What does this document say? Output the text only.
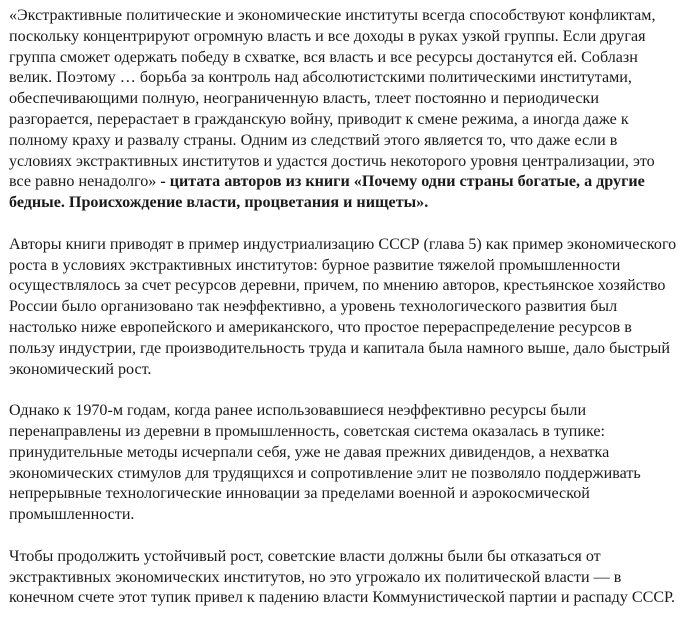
«Экстрактивные политические и экономические институты всегда способствуют конфликтам, поскольку концентрируют огромную власть и все доходы в руках узкой группы. Если другая группа сможет одержать победу в схватке, вся власть и все ресурсы достанутся ей. Соблазн велик. Поэтому … борьба за контроль над абсолютистскими политическими институтами, обеспечивающими полную, неограниченную власть, тлеет постоянно и периодически разгорается, перерастает в гражданскую войну, приводит к смене режима, а иногда даже к полному краху и развалу страны. Одним из следствий этого является то, что даже если в условиях экстрактивных институтов и удастся достичь некоторого уровня централизации, это все равно ненадолго» - цитата авторов из книги «Почему одни страны богатые, а другие бедные. Происхождение власти, процветания и нищеты».

Авторы книги приводят в пример индустриализацию СССР (глава 5) как пример экономического роста в условиях экстрактивных институтов: бурное развитие тяжелой промышленности осуществлялось за счет ресурсов деревни, причем, по мнению авторов, крестьянское хозяйство России было организовано так неэффективно, а уровень технологического развития был настолько ниже европейского и американского, что простое перераспределение ресурсов в пользу индустрии, где производительность труда и капитала была намного выше, дало быстрый экономический рост.

Однако к 1970-м годам, когда ранее использовавшиеся неэффективно ресурсы были перенаправлены из деревни в промышленность, советская система оказалась в тупике: принудительные методы исчерпали себя, уже не давая прежних дивидендов, а нехватка экономических стимулов для трудящихся и сопротивление элит не позволяло поддерживать непрерывные технологические инновации за пределами военной и аэрокосмической промышленности.

Чтобы продолжить устойчивый рост, советские власти должны были бы отказаться от экстрактивных экономических институтов, но это угрожало их политической власти — в конечном счете этот тупик привел к падению власти Коммунистической партии и распаду СССР.
